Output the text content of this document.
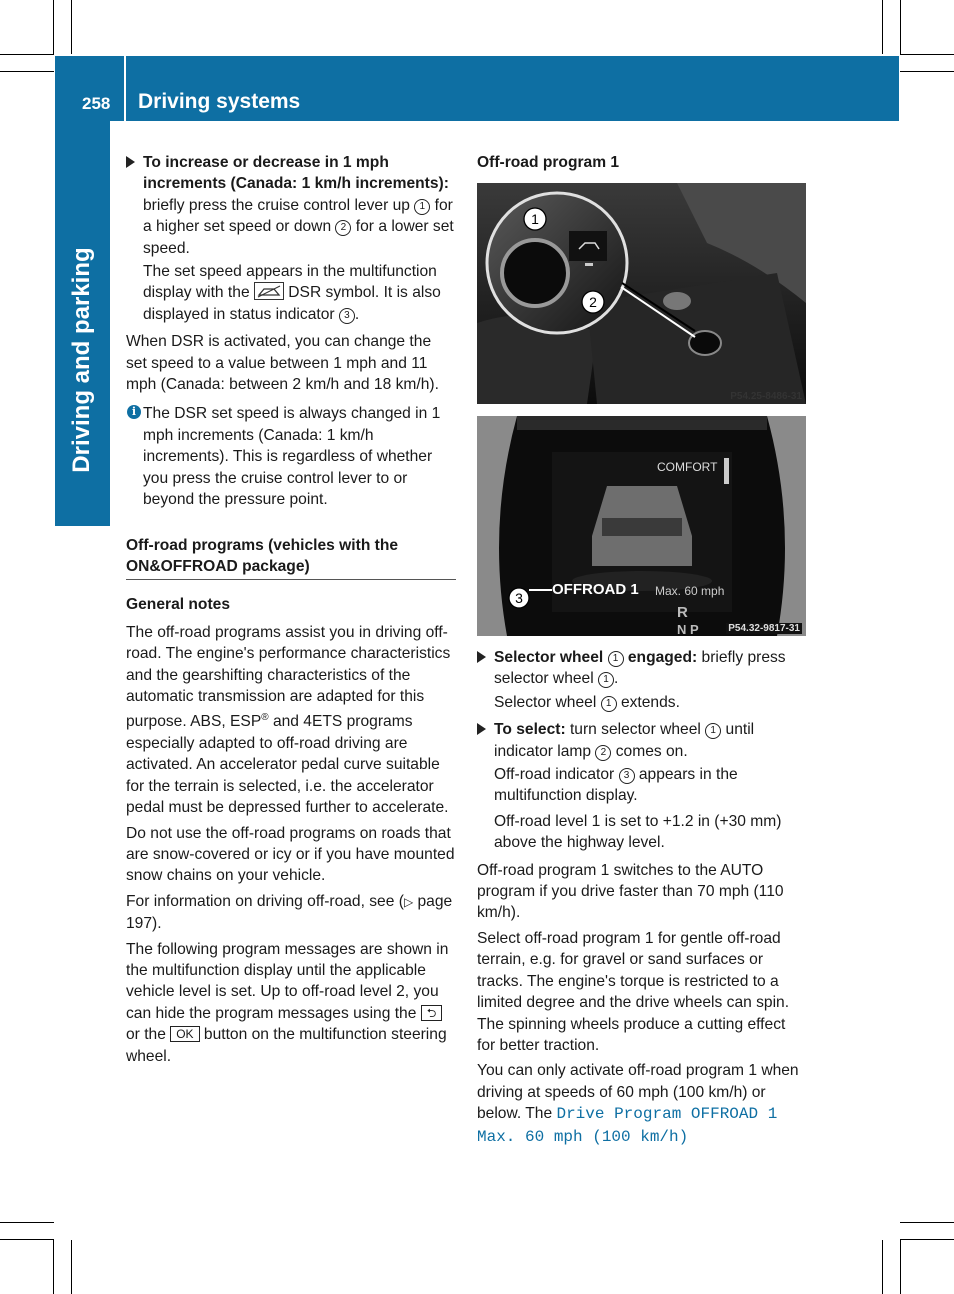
258 Driving systems
Driving and parking
To increase or decrease in 1 mph increments (Canada: 1 km/h increments): briefly press the cruise control lever up 1 for a higher set speed or down 2 for a lower set speed.

The set speed appears in the multifunction display with the  DSR symbol. It is also displayed in status indicator 3 .

When DSR is activated, you can change the set speed to a value between 1 mph and 11 mph (Canada: between 2 km/h and 18 km/h).

i The DSR set speed is always changed in 1 mph increments (Canada: 1 km/h increments). This is regardless of whether you press the cruise control lever to or beyond the pressure point.
Off-road programs (vehicles with the ON&OFFROAD package)
General notes

The off-road programs assist you in driving off-road. The engine's performance characteristics and the gearshifting characteristics of the automatic transmission are adapted for this purpose. ABS, ESP® and 4ETS programs especially adapted to off-road driving are activated. An accelerator pedal curve suitable for the terrain is selected, i.e. the accelerator pedal must be depressed further to accelerate.

Do not use the off-road programs on roads that are snow-covered or icy or if you have mounted snow chains on your vehicle.

For information on driving off-road, see (▷ page 197).

The following program messages are shown in the multifunction display until the applicable vehicle level is set. Up to off-road level 2, you can hide the program messages using the ⮌ or the OK button on the multifunction steering wheel.

Off-road program 1
1
2
P54.25-8486-31
3
COMFORT
OFFROAD 1 Max. 60 mph
R
N P	P54.32-9817-31
Selector wheel 1 engaged: briefly press selector wheel 1 .

Selector wheel 1 extends.

To select: turn selector wheel 1 until indicator lamp 2 comes on.

Off-road indicator 3 appears in the multifunction display.

Off-road level 1 is set to +1.2 in (+30 mm) above the highway level.

Off-road program 1 switches to the AUTO program if you drive faster than 70 mph (110 km/h).

Select off-road program 1 for gentle off-road terrain, e.g. for gravel or sand surfaces or tracks. The engine's torque is restricted to a limited degree and the drive wheels can spin. The spinning wheels produce a cutting effect for better traction.

You can only activate off-road program 1 when driving at speeds of 60 mph (100 km/h) or below. The Drive Program OFFROAD 1 Max. 60 mph (100 km/h)
